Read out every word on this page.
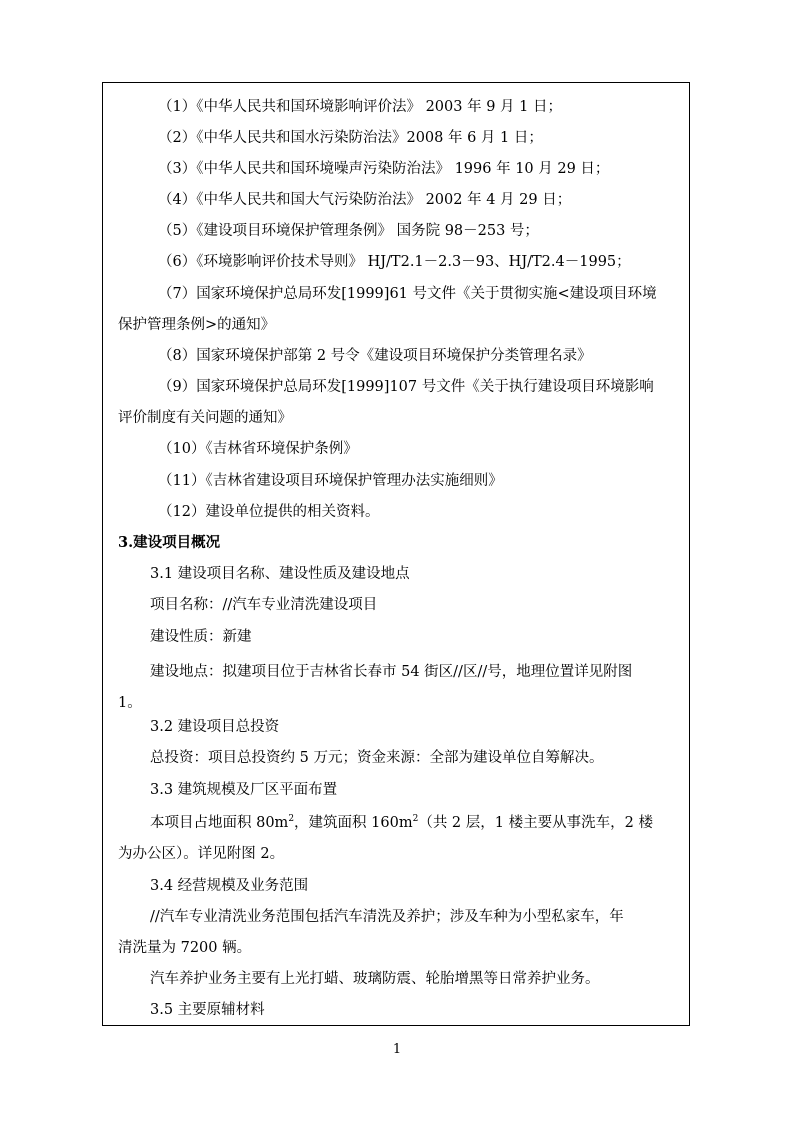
（1）《中华人民共和国环境影响评价法》 2003 年 9 月 1 日；
（2）《中华人民共和国水污染防治法》2008 年 6 月 1 日；
（3）《中华人民共和国环境噪声污染防治法》 1996 年 10 月 29 日；
（4）《中华人民共和国大气污染防治法》 2002 年 4 月 29 日；
（5）《建设项目环境保护管理条例》 国务院 98－253 号；
（6）《环境影响评价技术导则》 HJ/T2.1－2.3－93、HJ/T2.4－1995；
（7）国家环境保护总局环发[1999]61 号文件《关于贯彻实施<建设项目环境
保护管理条例>的通知》
（8）国家环境保护部第 2 号令《建设项目环境保护分类管理名录》
（9）国家环境保护总局环发[1999]107 号文件《关于执行建设项目环境影响
评价制度有关问题的通知》
（10）《吉林省环境保护条例》
（11）《吉林省建设项目环境保护管理办法实施细则》
（12）建设单位提供的相关资料。
3.建设项目概况
3.1 建设项目名称、建设性质及建设地点
项目名称：//汽车专业清洗建设项目
建设性质：新建
建设地点：拟建项目位于吉林省长春市 54 街区//区//号，地理位置详见附图
1。
3.2 建设项目总投资
总投资：项目总投资约 5 万元；资金来源：全部为建设单位自筹解决。
3.3 建筑规模及厂区平面布置
本项目占地面积 $80m^2$，建筑面积 $160m^2$（共 2 层，1 楼主要从事洗车，2 楼
为办公区）。详见附图 2。
3.4 经营规模及业务范围
//汽车专业清洗业务范围包括汽车清洗及养护；涉及车种为小型私家车，年
清洗量为 7200 辆。
汽车养护业务主要有上光打蜡、玻璃防震、轮胎增黑等日常养护业务。
3.5 主要原辅材料
1
